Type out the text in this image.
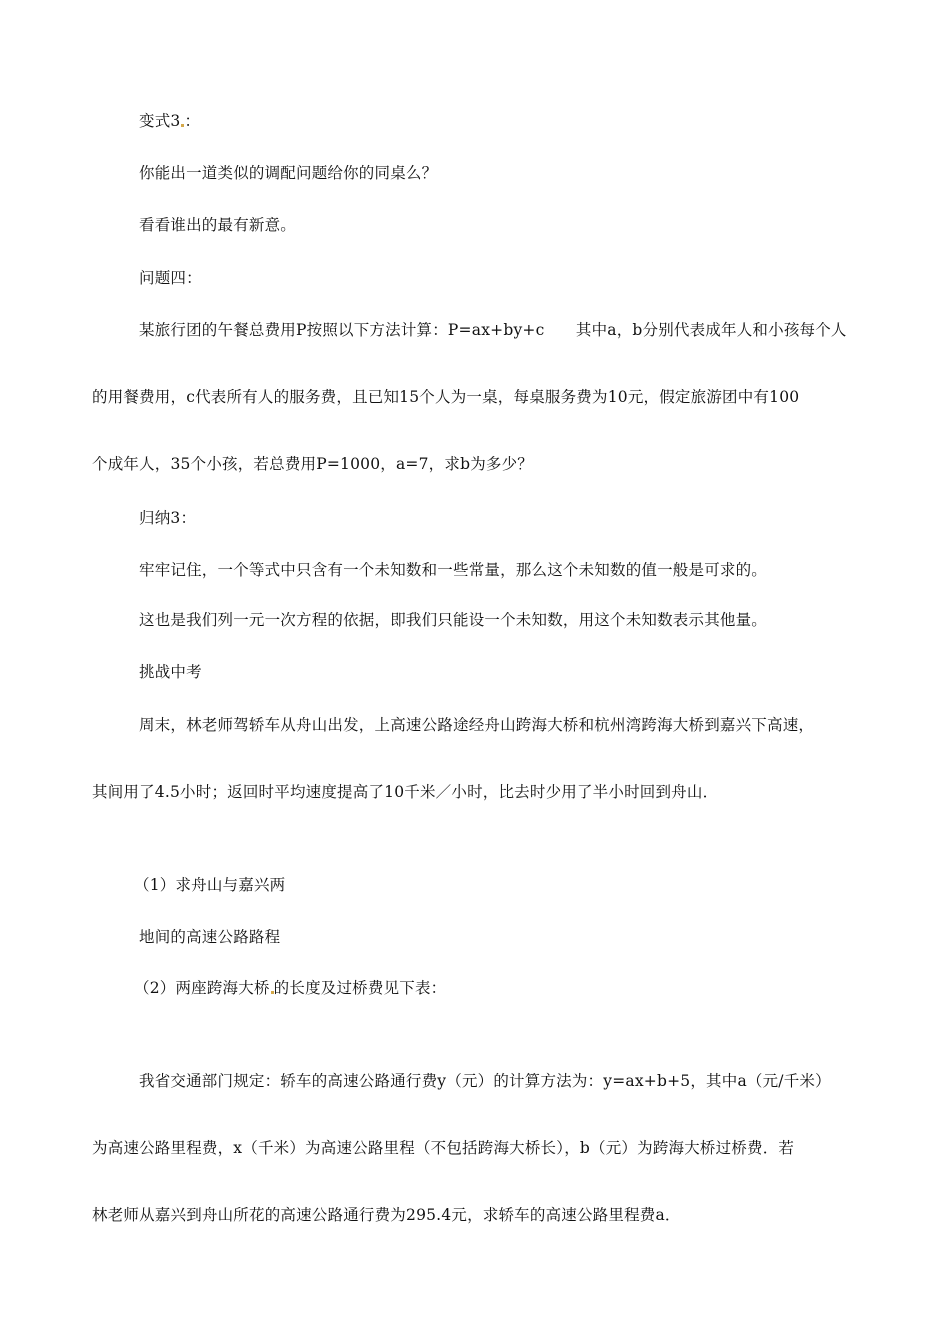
变式3 ：
你能出一道类似的调配问题给你的同桌么？
看看谁出的最有新意。
问题四：
某旅行团的午餐总费用P按照以下方法计算：P=ax+by+c　　其中a，b分别代表成年人和小孩每个人
的用餐费用，c代表所有人的服务费，且已知15个人为一桌，每桌服务费为10元，假定旅游团中有100
个成年人，35个小孩，若总费用P=1000，a=7，求b为多少？
归纳3：
牢牢记住，一个等式中只含有一个未知数和一些常量，那么这个未知数的值一般是可求的。
这也是我们列一元一次方程的依据，即我们只能设一个未知数，用这个未知数表示其他量。
挑战中考
周末，林老师驾轿车从舟山出发，上高速公路途经舟山跨海大桥和杭州湾跨海大桥到嘉兴下高速，
其间用了4.5小时；返回时平均速度提高了10千米／小时，比去时少用了半小时回到舟山．
（1）求舟山与嘉兴两
地间的高速公路路程
（2）两座跨海大桥 的长度及过桥费见下表：
我省交通部门规定：轿车的高速公路通行费y（元）的计算方法为：y=ax+b+5，其中a（元/千米）
为高速公路里程费，x（千米）为高速公路里程（不包括跨海大桥长），b（元）为跨海大桥过桥费．若
林老师从嘉兴到舟山所花的高速公路通行费为295.4元，求轿车的高速公路里程费a．
